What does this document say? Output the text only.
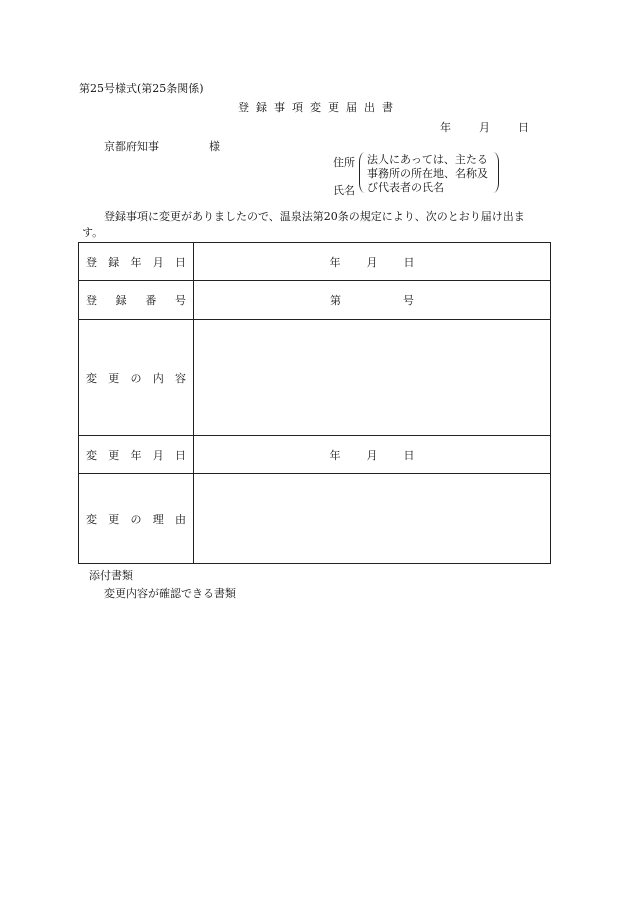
第25号様式(第25条関係)
登録事項変更届出書
年	月	日
京都府知事	様
住所
氏名
法人にあっては、主たる
事務所の所在地、名称及
び代表者の氏名
登録事項に変更がありましたので、温泉法第20条の規定により、次のとおり届け出ま
す。
登録年月日	年 月 日

登録番号	第 号

変更の内容	

変更年月日	年 月 日

変更の理由	

添付書類
変更内容が確認できる書類
